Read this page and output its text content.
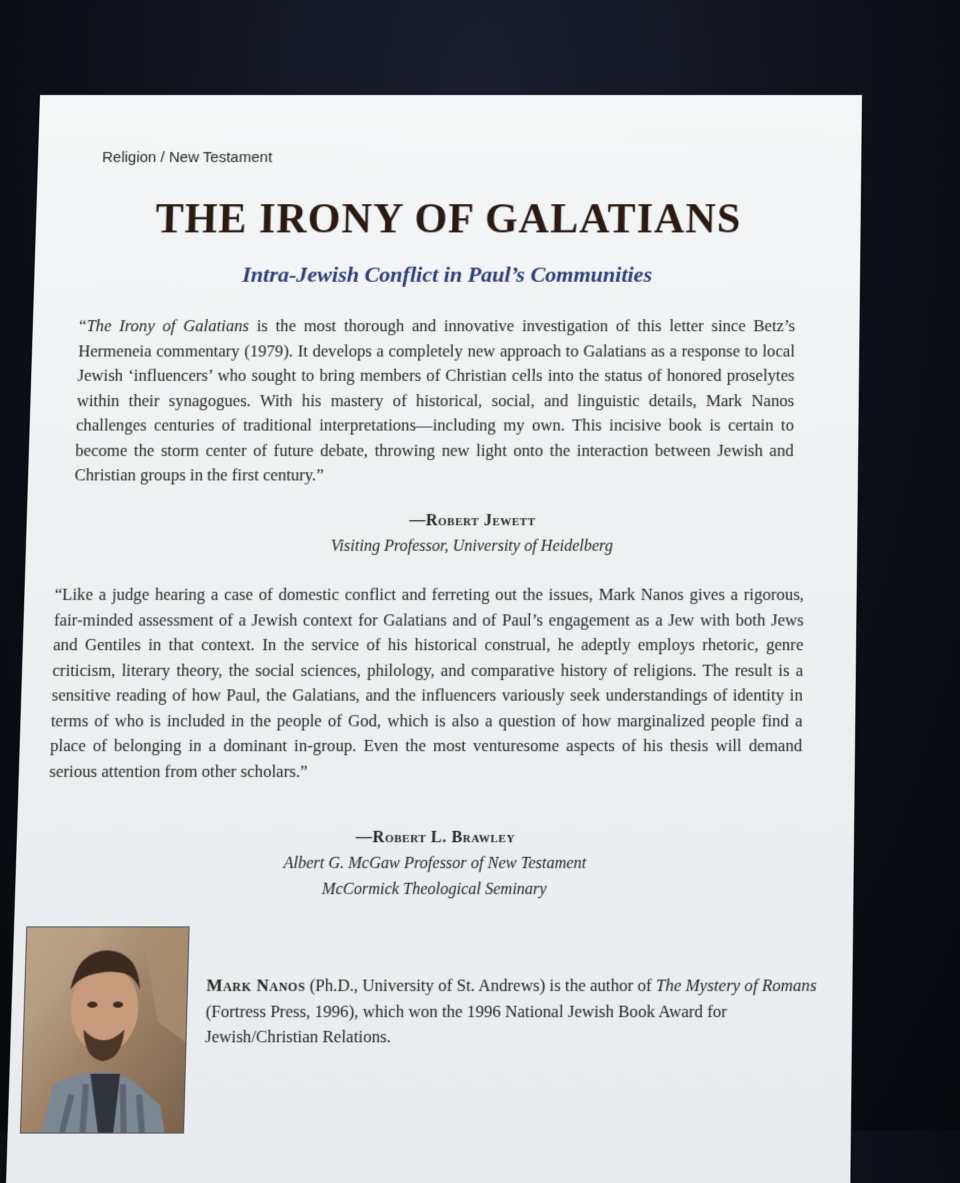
Religion / New Testament
THE IRONY OF GALATIANS
Intra-Jewish Conflict in Paul’s Communities
“The Irony of Galatians is the most thorough and innovative investigation of this letter since Betz’s Hermeneia commentary (1979). It develops a completely new approach to Galatians as a response to local Jewish ‘influencers’ who sought to bring members of Christian cells into the status of honored proselytes within their synagogues. With his mastery of historical, social, and linguistic details, Mark Nanos challenges centuries of traditional interpretations—including my own. This incisive book is certain to become the storm center of future debate, throwing new light onto the interaction between Jewish and Christian groups in the first century.”
—Robert Jewett
Visiting Professor, University of Heidelberg
“Like a judge hearing a case of domestic conflict and ferreting out the issues, Mark Nanos gives a rigorous, fair-minded assessment of a Jewish context for Galatians and of Paul’s engagement as a Jew with both Jews and Gentiles in that context. In the service of his historical construal, he adeptly employs rhetoric, genre criticism, literary theory, the social sciences, philology, and comparative history of religions. The result is a sensitive reading of how Paul, the Galatians, and the influencers variously seek understandings of identity in terms of who is included in the people of God, which is also a question of how marginalized people find a place of belonging in a dominant in-group. Even the most venturesome aspects of his thesis will demand serious attention from other scholars.”
—Robert L. Brawley
Albert G. McGaw Professor of New Testament
McCormick Theological Seminary
Mark Nanos (Ph.D., University of St. Andrews) is the author of The Mystery of Romans (Fortress Press, 1996), which won the 1996 National Jewish Book Award for Jewish/Christian Relations.
